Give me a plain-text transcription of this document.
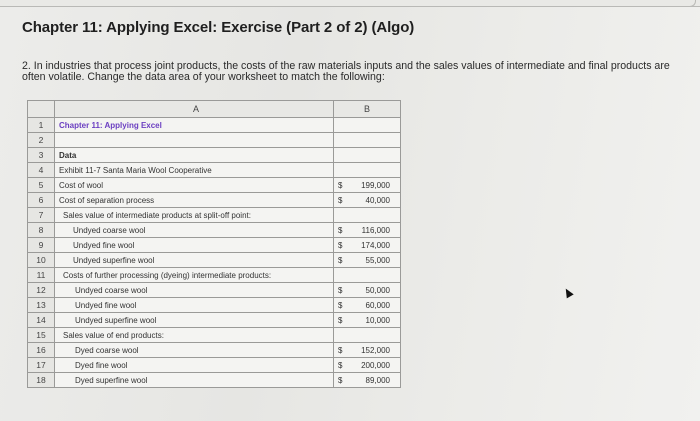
Chapter 11: Applying Excel: Exercise (Part 2 of 2) (Algo)
2. In industries that process joint products, the costs of the raw materials inputs and the sales values of intermediate and final products are often volatile. Change the data area of your worksheet to match the following:
	A	B
1	Chapter 11: Applying Excel	
2		
3	Data	
4	Exhibit 11-7 Santa Maria Wool Cooperative	
5	Cost of wool	$ 199,000

6	Cost of separation process	$ 40,000

7	Sales value of intermediate products at split-off point:	
8	Undyed coarse wool	$ 116,000

9	Undyed fine wool	$ 174,000

10	Undyed superfine wool	$ 55,000

11	Costs of further processing (dyeing) intermediate products:	
12	Undyed coarse wool	$ 50,000

13	Undyed fine wool	$ 60,000

14	Undyed superfine wool	$ 10,000

15	Sales value of end products:	
16	Dyed coarse wool	$ 152,000

17	Dyed fine wool	$ 200,000

18	Dyed superfine wool	$ 89,000
